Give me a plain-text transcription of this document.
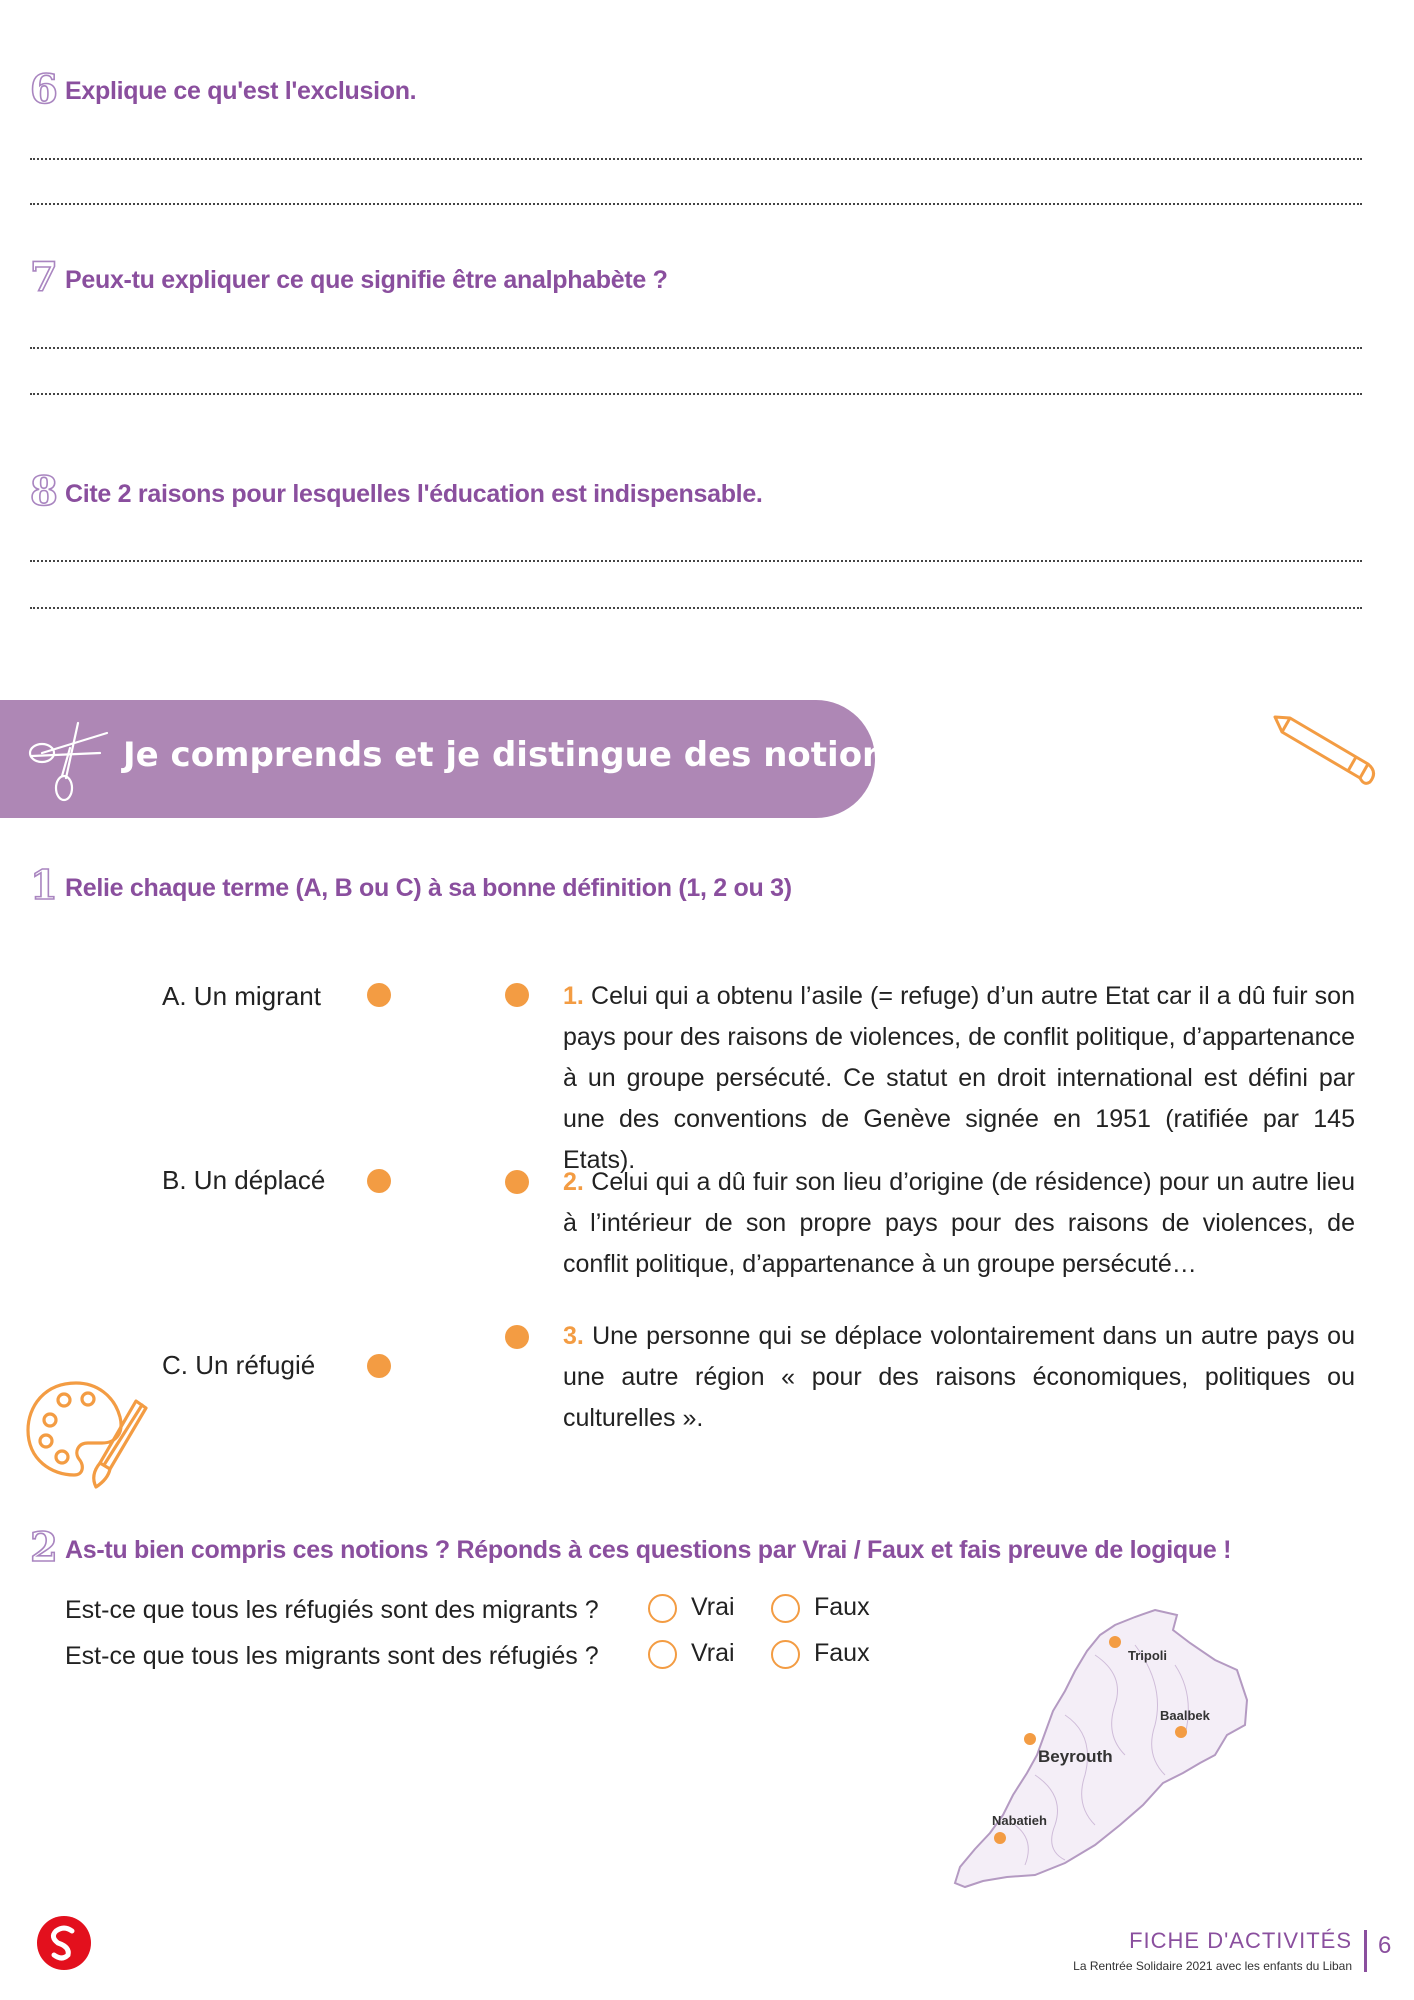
6 Explique ce qu'est l'exclusion.
7 Peux-tu expliquer ce que signifie être analphabète ?
8 Cite 2 raisons pour lesquelles l'éducation est indispensable.
Je comprends et je distingue des notions
1 Relie chaque terme (A, B ou C) à sa bonne définition (1, 2 ou 3)
A. Un migrant
B. Un déplacé
C. Un réfugié
1. Celui qui a obtenu l’asile (= refuge) d’un autre Etat car il a dû fuir son pays pour des raisons de violences, de conflit politique, d’appartenance à un groupe persécuté. Ce statut en droit international est défini par une des conventions de Genève signée en 1951 (ratifiée par 145 Etats).
2. Celui qui a dû fuir son lieu d’origine (de résidence) pour un autre lieu à l’intérieur de son propre pays pour des raisons de violences, de conflit politique, d’appartenance à un groupe persécuté…
3. Une personne qui se déplace volontairement dans un autre pays ou une autre région « pour des raisons économiques, politiques ou culturelles ».
2 As-tu bien compris ces notions ? Réponds à ces questions par Vrai / Faux et fais preuve de logique !
Est-ce que tous les réfugiés sont des migrants ?	Vrai	Faux
Est-ce que tous les migrants sont des réfugiés ?	Vrai	Faux	Tripoli
Baalbek
Beyrouth
Nabatieh
FICHE D'ACTIVITÉS
La Rentrée Solidaire 2021 avec les enfants du Liban
6
